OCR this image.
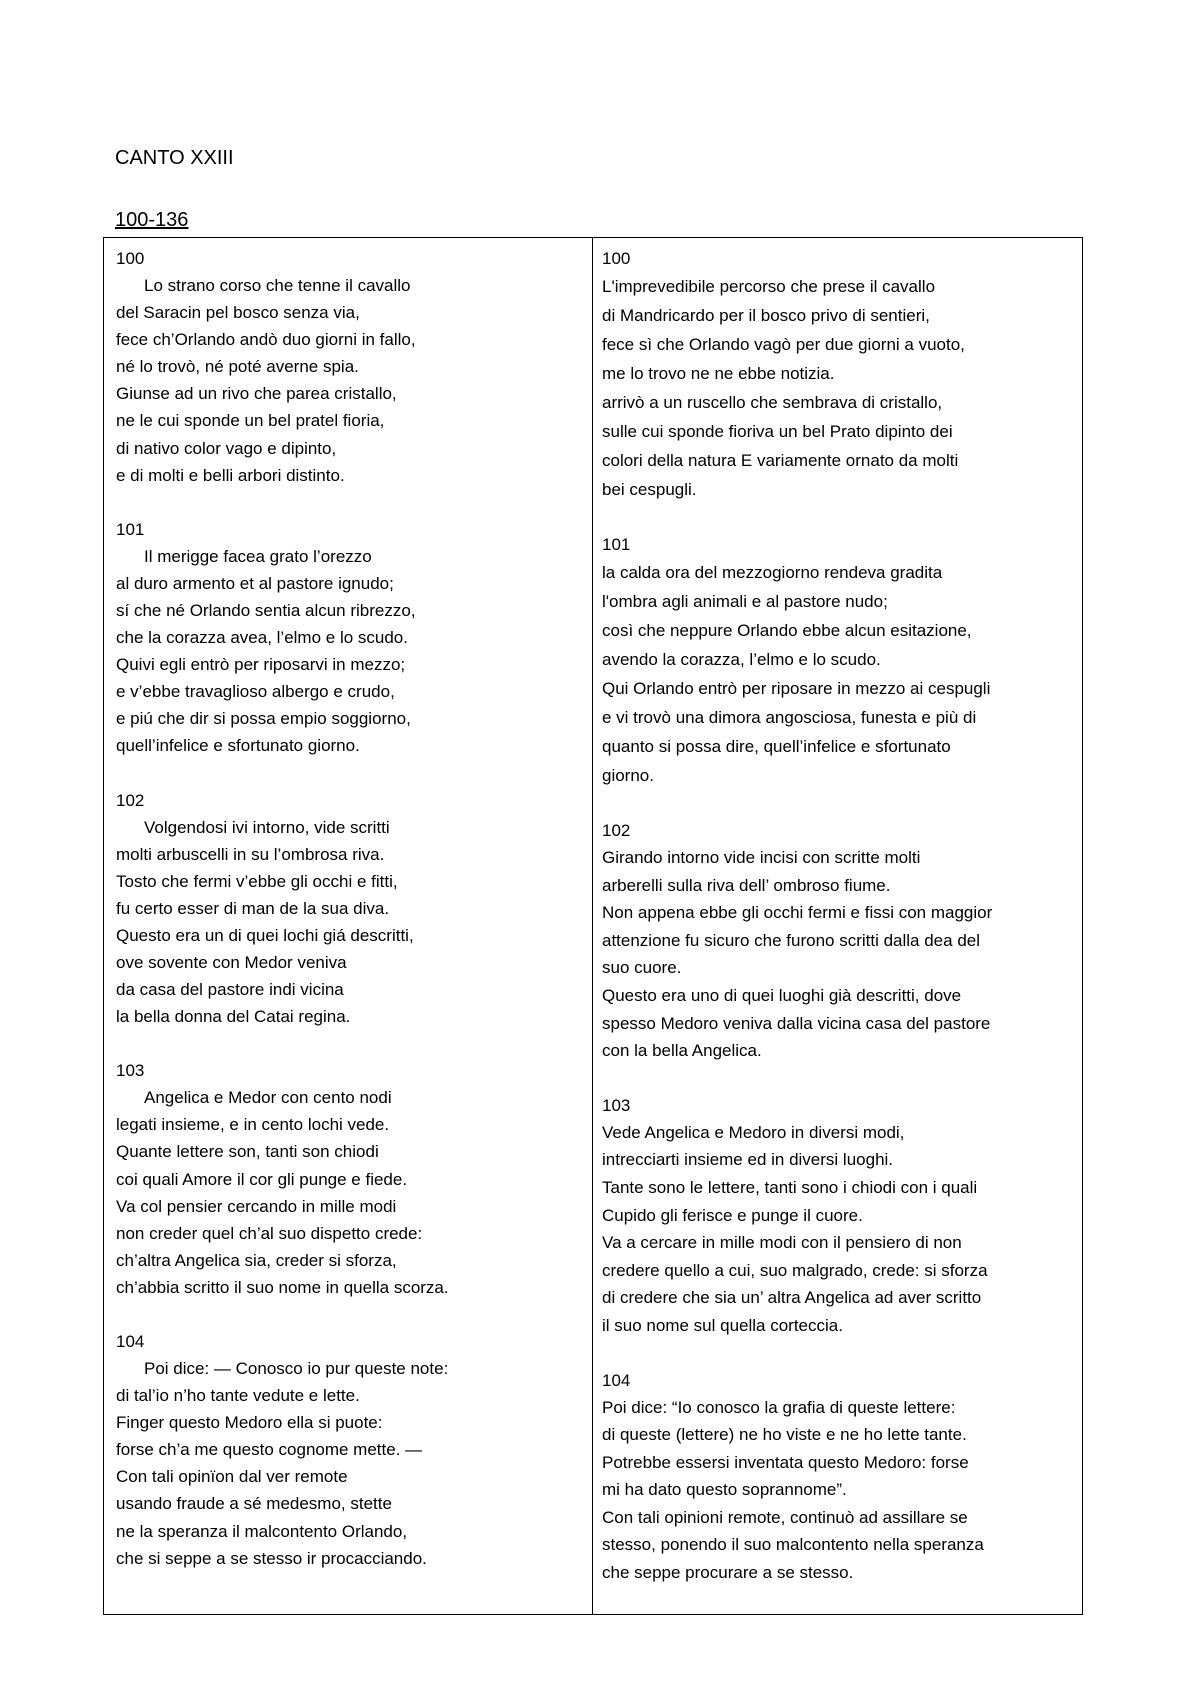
CANTO XXIII
100-136
100
Lo strano corso che tenne il cavallo
del Saracin pel bosco senza via,
fece ch’Orlando andò duo giorni in fallo,
né lo trovò, né poté averne spia.
Giunse ad un rivo che parea cristallo,
ne le cui sponde un bel pratel fioria,
di nativo color vago e dipinto,
e di molti e belli arbori distinto.
101
Il merigge facea grato l’orezzo
al duro armento et al pastore ignudo;
sí che né Orlando sentia alcun ribrezzo,
che la corazza avea, l’elmo e lo scudo.
Quivi egli entrò per riposarvi in mezzo;
e v’ebbe travaglioso albergo e crudo,
e piú che dir si possa empio soggiorno,
quell’infelice e sfortunato giorno.
102
Volgendosi ivi intorno, vide scritti
molti arbuscelli in su l’ombrosa riva.
Tosto che fermi v’ebbe gli occhi e fitti,
fu certo esser di man de la sua diva.
Questo era un di quei lochi giá descritti,
ove sovente con Medor veniva
da casa del pastore indi vicina
la bella donna del Catai regina.
103
Angelica e Medor con cento nodi
legati insieme, e in cento lochi vede.
Quante lettere son, tanti son chiodi
coi quali Amore il cor gli punge e fiede.
Va col pensier cercando in mille modi
non creder quel ch’al suo dispetto crede:
ch’altra Angelica sia, creder si sforza,
ch’abbia scritto il suo nome in quella scorza.
104
Poi dice: — Conosco io pur queste note:
di tal’io n’ho tante vedute e lette.
Finger questo Medoro ella si puote:
forse ch’a me questo cognome mette. —
Con tali opinïon dal ver remote
usando fraude a sé medesmo, stette
ne la speranza il malcontento Orlando,
che si seppe a se stesso ir procacciando.

100
L'imprevedibile percorso che prese il cavallo
di Mandricardo per il bosco privo di sentieri,
fece sì che Orlando vagò per due giorni a vuoto,
me lo trovo ne ne ebbe notizia.
arrivò a un ruscello che sembrava di cristallo,
sulle cui sponde fioriva un bel Prato dipinto dei
colori della natura E variamente ornato da molti
bei cespugli.
101
la calda ora del mezzogiorno rendeva gradita
l'ombra agli animali e al pastore nudo;
così che neppure Orlando ebbe alcun esitazione,
avendo la corazza, l’elmo e lo scudo.
Qui Orlando entrò per riposare in mezzo ai cespugli
e vi trovò una dimora angosciosa, funesta e più di
quanto si possa dire, quell’infelice e sfortunato
giorno.
102
Girando intorno vide incisi con scritte molti
arberelli sulla riva dell’ ombroso fiume.
Non appena ebbe gli occhi fermi e fissi con maggior
attenzione fu sicuro che furono scritti dalla dea del
suo cuore.
Questo era uno di quei luoghi già descritti, dove
spesso Medoro veniva dalla vicina casa del pastore
con la bella Angelica.
103
Vede Angelica e Medoro in diversi modi,
intrecciarti insieme ed in diversi luoghi.
Tante sono le lettere, tanti sono i chiodi con i quali
Cupido gli ferisce e punge il cuore.
Va a cercare in mille modi con il pensiero di non
credere quello a cui, suo malgrado, crede: si sforza
di credere che sia un’ altra Angelica ad aver scritto
il suo nome sul quella corteccia.
104
Poi dice: “Io conosco la grafia di queste lettere:
di queste (lettere) ne ho viste e ne ho lette tante.
Potrebbe essersi inventata questo Medoro: forse
mi ha dato questo soprannome”.
Con tali opinioni remote, continuò ad assillare se
stesso, ponendo il suo malcontento nella speranza
che seppe procurare a se stesso.
